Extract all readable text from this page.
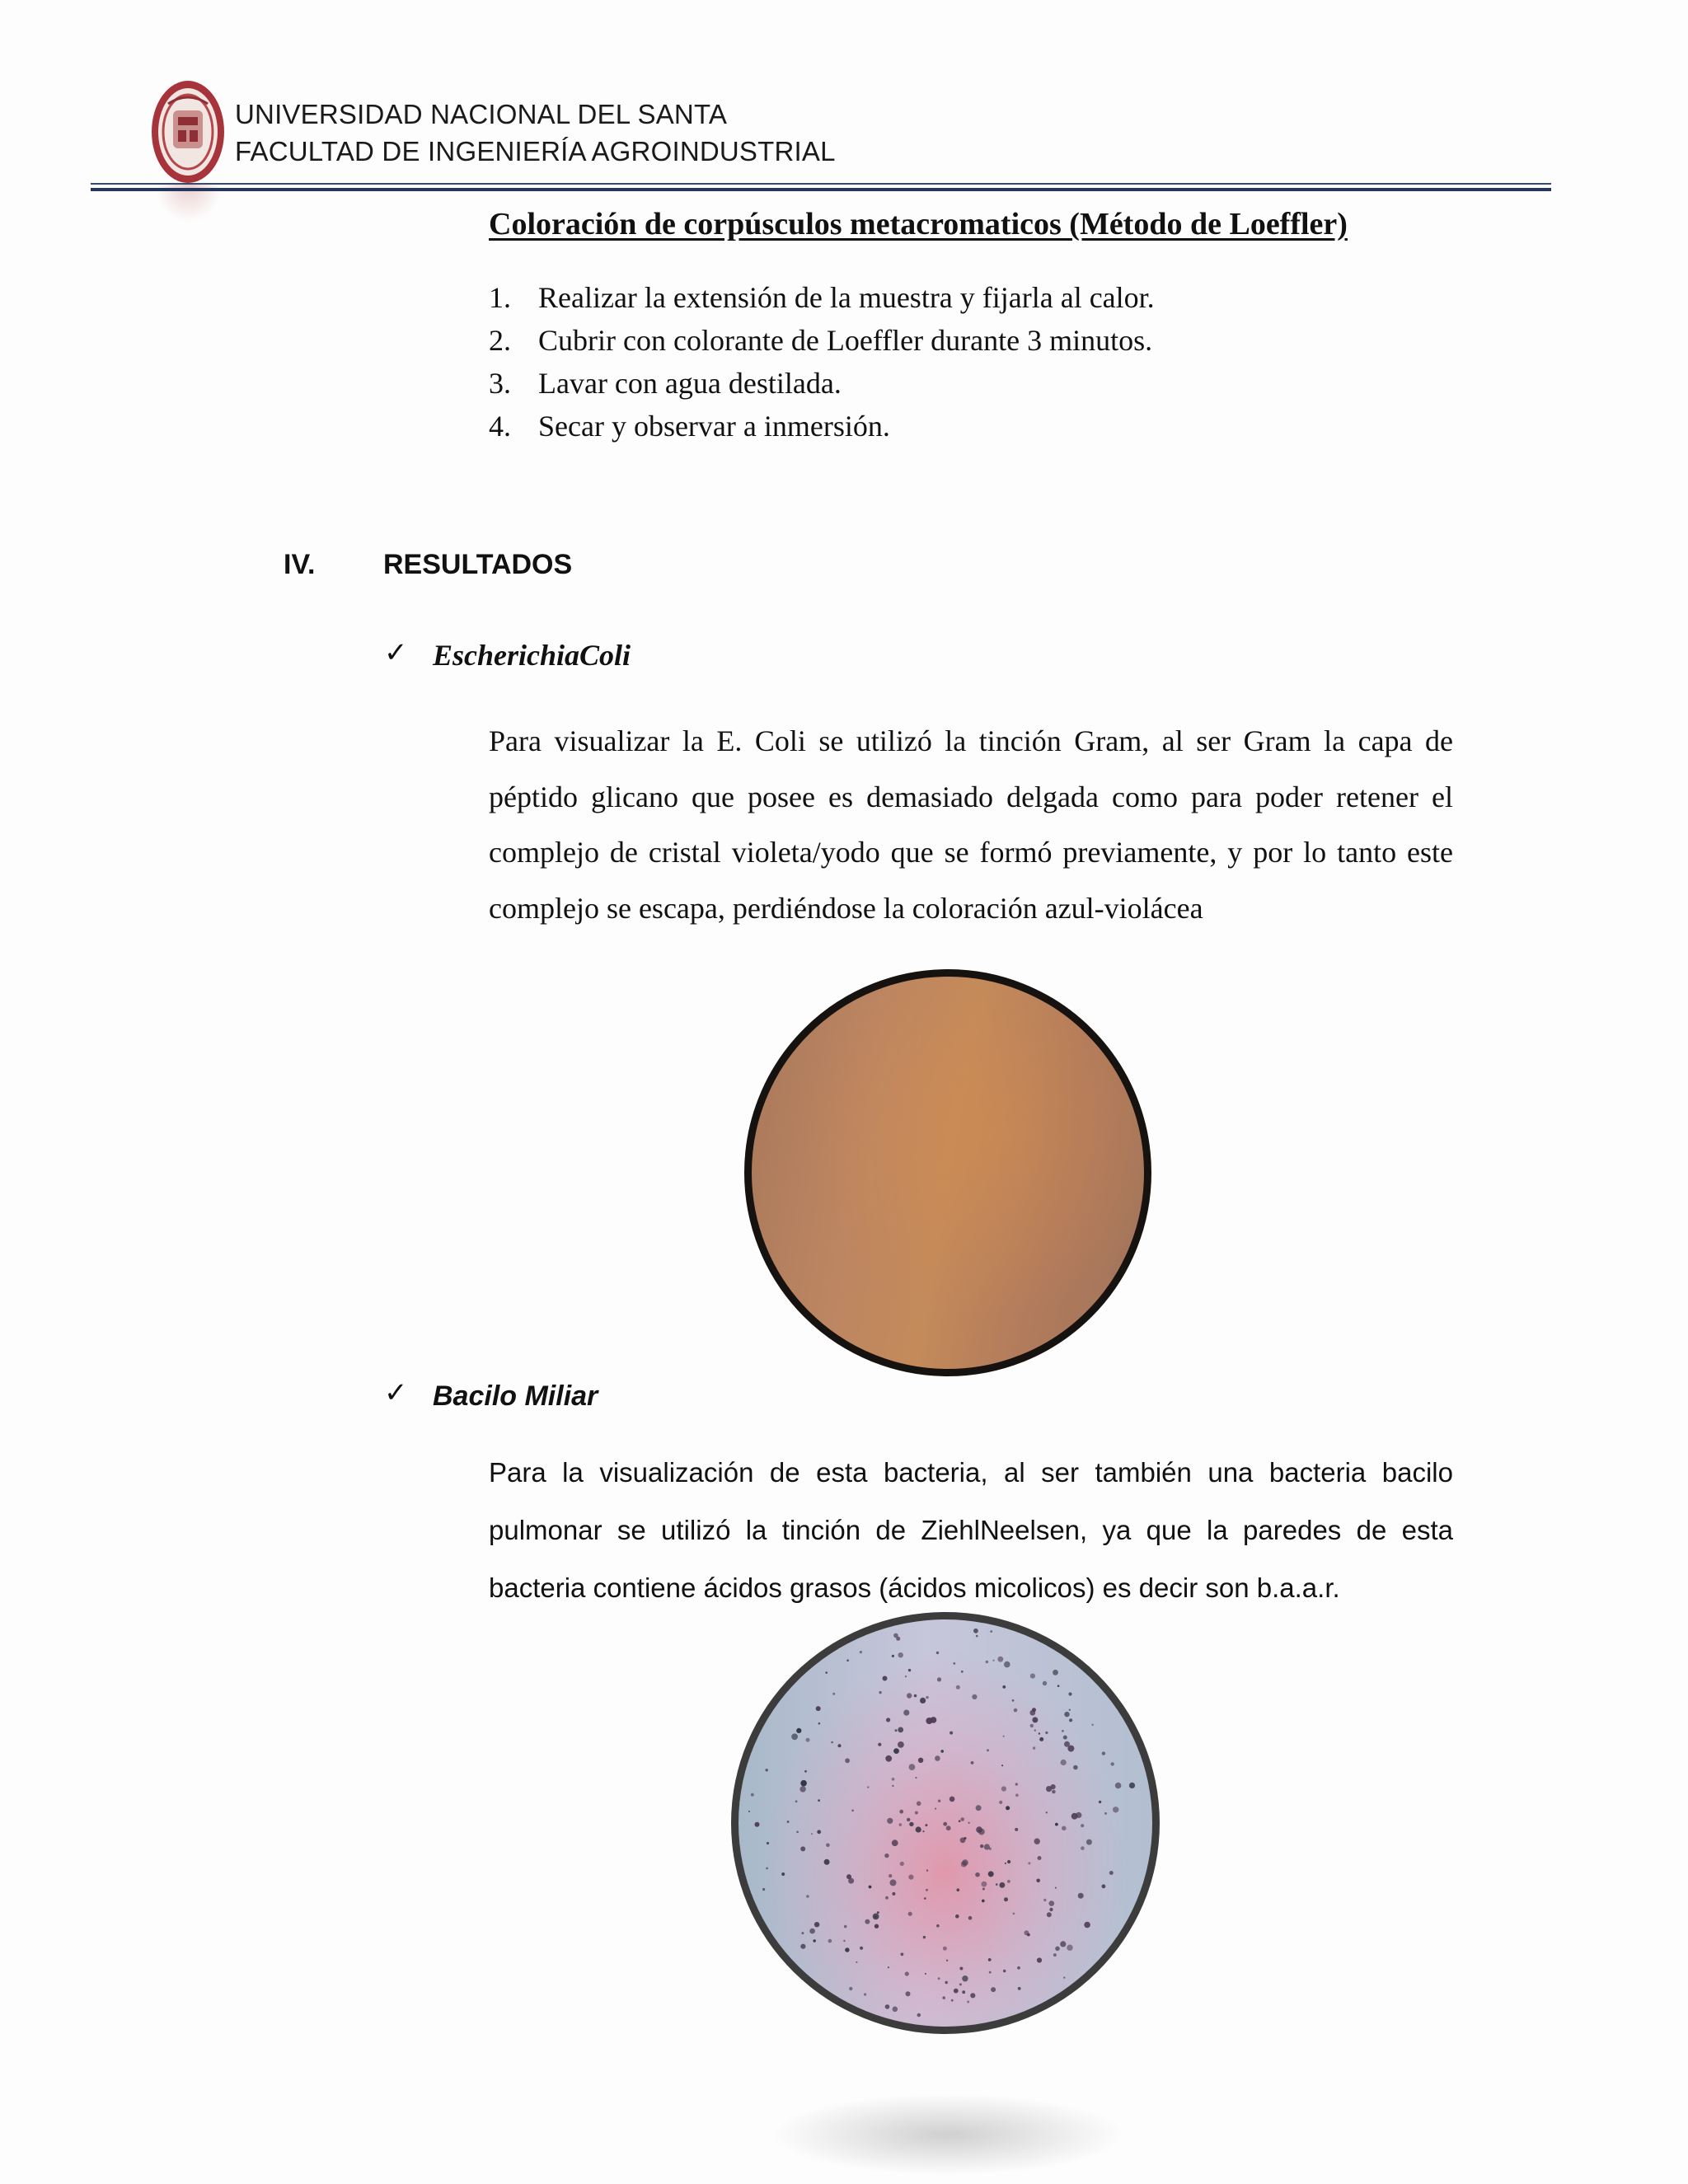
UNIVERSIDAD NACIONAL DEL SANTA
FACULTAD DE INGENIERÍA AGROINDUSTRIAL
Coloración de corpúsculos metacromaticos (Método de Loeffler)
1. Realizar la extensión de la muestra y fijarla al calor.
2. Cubrir con colorante de Loeffler durante 3 minutos.
3. Lavar con agua destilada.
4. Secar y observar a inmersión.
IV. RESULTADOS
✓ EscherichiaColi

Para visualizar la E. Coli se utilizó la tinción Gram, al ser Gram la capa de péptido glicano que posee es demasiado delgada como para poder retener el complejo de cristal violeta/yodo que se formó previamente, y por lo tanto este complejo se escapa, perdiéndose la coloración azul-violácea

✓ Bacilo Miliar

Para la visualización de esta bacteria, al ser también una bacteria bacilo pulmonar se utilizó la tinción de ZiehlNeelsen, ya que la paredes de esta bacteria contiene ácidos grasos (ácidos micolicos) es decir son b.a.a.r.
